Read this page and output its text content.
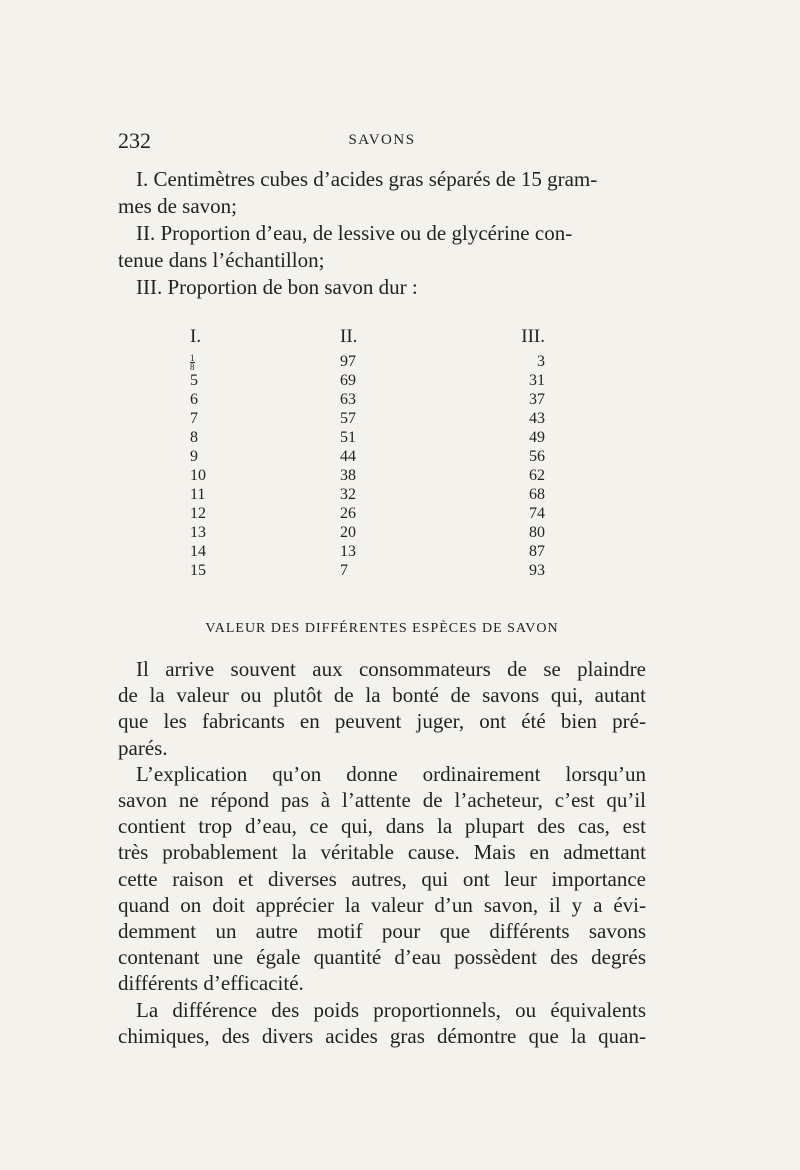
232	SAVONS

I. Centimètres cubes d’acides gras séparés de 15 gram-
mes de savon;

II. Proportion d’eau, de lessive ou de glycérine con-
tenue dans l’échantillon;

III. Proportion de bon savon dur :

I.	II.	III.

$\frac{1}{8}$	97	3
5	69	31
6	63	37
7	57	43
8	51	49
9	44	56
10	38	62
11	32	68
12	26	74
13	20	80
14	13	87
15	7	93
VALEUR DES DIFFÉRENTES ESPÈCES DE SAVON

Il arrive souvent aux consommateurs de se plaindre
de la valeur ou plutôt de la bonté de savons qui, autant
que les fabricants en peuvent juger, ont été bien pré-
parés.

L’explication qu’on donne ordinairement lorsqu’un
savon ne répond pas à l’attente de l’acheteur, c’est qu’il
contient trop d’eau, ce qui, dans la plupart des cas, est
très probablement la véritable cause. Mais en admettant
cette raison et diverses autres, qui ont leur importance
quand on doit apprécier la valeur d’un savon, il y a évi-
demment un autre motif pour que différents savons
contenant une égale quantité d’eau possèdent des degrés
différents d’efficacité.

La différence des poids proportionnels, ou équivalents
chimiques, des divers acides gras démontre que la quan-
